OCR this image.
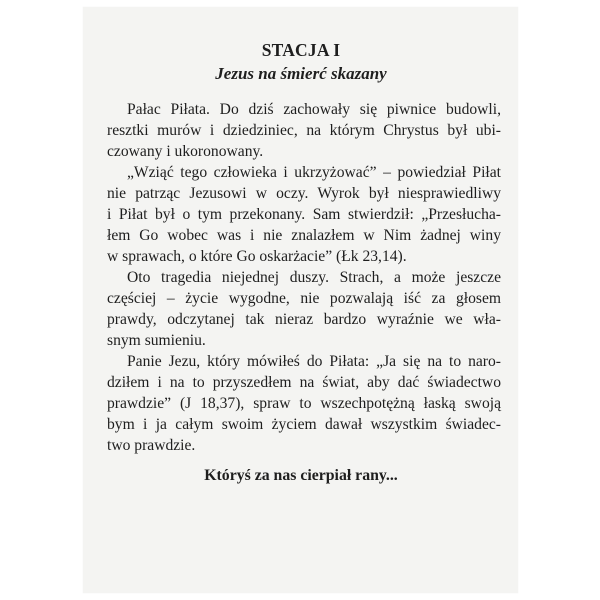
STACJA I
Jezus na śmierć skazany

Pałac Piłata. Do dziś zachowały się piwnice budowli,

resztki murów i dziedziniec, na którym Chrystus był ubi-

czowany i ukoronowany.

„Wziąć tego człowieka i ukrzyżować” – powiedział Piłat

nie patrząc Jezusowi w oczy. Wyrok był niesprawiedliwy

i Piłat był o tym przekonany. Sam stwierdził: „Przesłucha-

łem Go wobec was i nie znalazłem w Nim żadnej winy

w sprawach, o które Go oskarżacie” (Łk 23,14).

Oto tragedia niejednej duszy. Strach, a może jeszcze

częściej – życie wygodne, nie pozwalają iść za głosem

prawdy, odczytanej tak nieraz bardzo wyraźnie we wła-

snym sumieniu.

Panie Jezu, który mówiłeś do Piłata: „Ja się na to naro-

dziłem i na to przyszedłem na świat, aby dać świadectwo

prawdzie” (J 18,37), spraw to wszechpotężną łaską swoją

bym i ja całym swoim życiem dawał wszystkim świadec-

two prawdzie.

Któryś za nas cierpiał rany...
